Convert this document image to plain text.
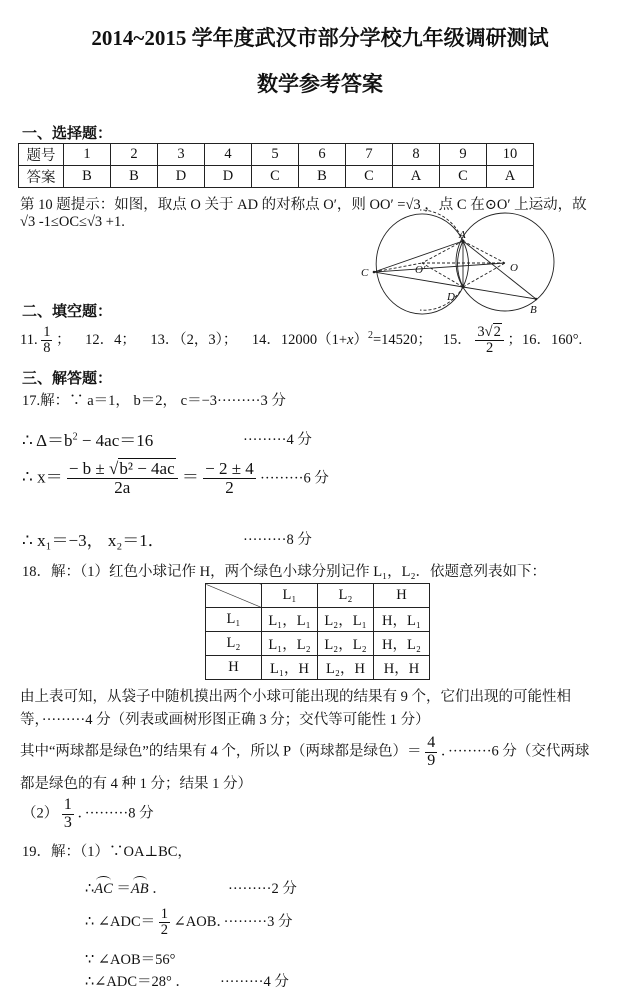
2014~2015 学年度武汉市部分学校九年级调研测试
数学参考答案
一、选择题：
题号	1	2	3	4	5	6	7	8	9	10
答案	B	B	D	D	C	B	C	A	C	A
第 10 题提示：如图，取点 O 关于 AD 的对称点 O′，则 OO′ =√3 ，点 C 在⊙O′ 上运动，故
√3 -1≤OC≤√3 +1.
A
B
C
D
O
O′
二、填空题：
11. $\frac{1}{8}$ ； 12．4； 13．（2，3）； 14．$12000(1+x)^2=14520$； 15． $\frac{3√2}{2}$ ；16．160°.
三、解答题：
17.解：∵ a＝1， b＝2， c＝−3·········3 分
∴ $\Delta=b^2 - 4ac=16$	·········4 分
∴ $x= \frac{\text{− b ± √b² − 4ac}}{2a} = \frac{- 2 \pm 4}{2} \cdot\cdot\cdot\cdot\cdot\cdot\cdot\cdot\cdot 6$ 分
∴ x₁＝−3， x₂＝1．	·········8 分
18．解：（1）红色小球记作 H，两个绿色小球分别记作 L₁，L₂．依题意列表如下：
	L₁	L₂	H
L₁	L₁，L₁	L₂，L₁	H，L₁
L₂	L₁，L₂	L₂，L₂	H，L₂
H	L₁，H	L₂，H	H，H
由上表可知，从袋子中随机摸出两个小球可能出现的结果有 9 个，它们出现的可能性相
等，·········4 分（列表或画树形图正确 3 分；交代等可能性 1 分）
其中“两球都是绿色”的结果有 4 个，所以 P（两球都是绿色）＝ $\frac{4}{9}$ ．·········6 分（交代两球
都是绿色的有 4 种 1 分；结果 1 分）
$(2) \frac{1}{3}$ ．·········8 分
19．解：（1）∵OA⊥BC，
∴AC ＝AB ．	·········2 分
∴ ∠ADC＝ $\frac{1}{2}$ ∠AOB．·········3 分
∵ ∠AOB＝56°
∴∠ADC＝28° ． ·········4 分
